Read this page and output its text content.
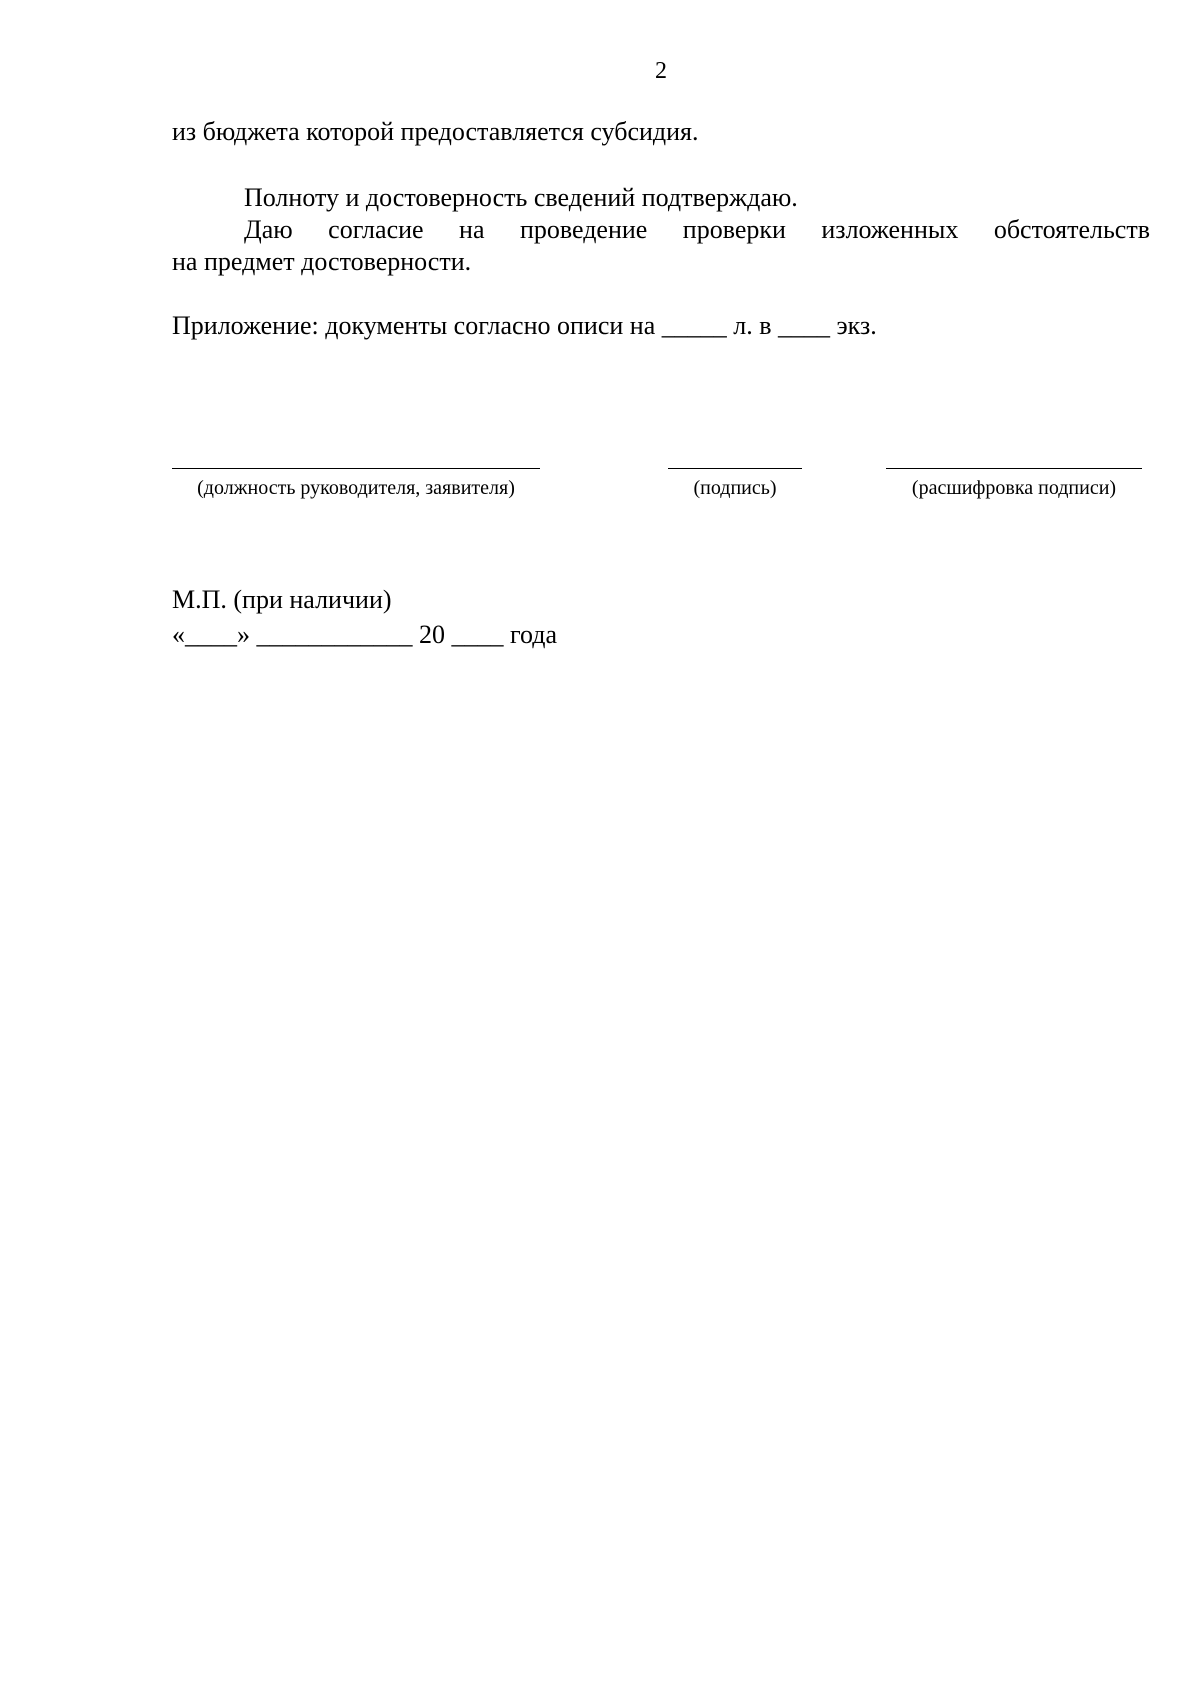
2
из бюджета которой предоставляется субсидия.
Полноту и достоверность сведений подтверждаю.
Даю согласие на проведение проверки изложенных обстоятельств
на предмет достоверности.
Приложение: документы согласно описи на _____ л. в ____ экз.
(должность руководителя, заявителя)	(подпись)	(расшифровка подписи)
М.П. (при наличии)
«____» ____________ 20 ____ года
